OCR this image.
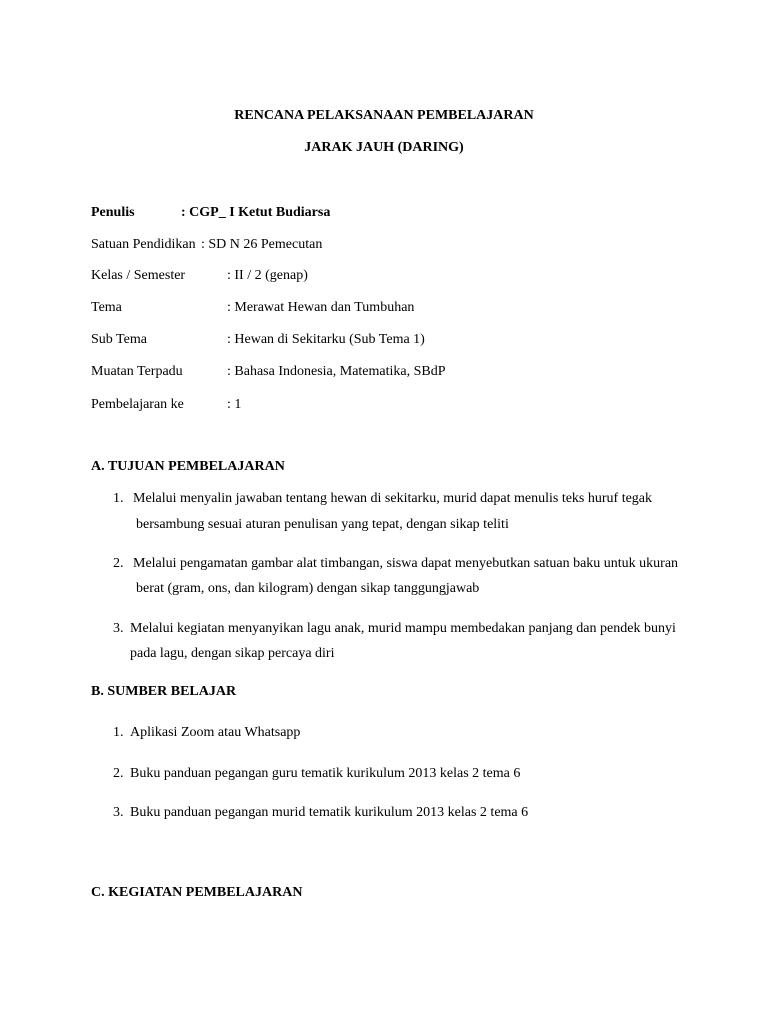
RENCANA PELAKSANAAN PEMBELAJARAN
JARAK JAUH (DARING)
Penulis	: CGP_ I Ketut Budiarsa
Satuan Pendidikan : SD N 26 Pemecutan
Kelas / Semester	: II / 2 (genap)
Tema	: Merawat Hewan dan Tumbuhan
Sub Tema	: Hewan di Sekitarku (Sub Tema 1)
Muatan Terpadu	: Bahasa Indonesia, Matematika, SBdP
Pembelajaran ke	: 1
A. TUJUAN PEMBELAJARAN
1. Melalui menyalin jawaban tentang hewan di sekitarku, murid dapat menulis teks huruf tegak
bersambung sesuai aturan penulisan yang tepat, dengan sikap teliti
2. Melalui pengamatan gambar alat timbangan, siswa dapat menyebutkan satuan baku untuk ukuran
berat (gram, ons, dan kilogram) dengan sikap tanggungjawab
3. Melalui kegiatan menyanyikan lagu anak, murid mampu membedakan panjang dan pendek bunyi
pada lagu, dengan sikap percaya diri
B. SUMBER BELAJAR
1. Aplikasi Zoom atau Whatsapp
2. Buku panduan pegangan guru tematik kurikulum 2013 kelas 2 tema 6
3. Buku panduan pegangan murid tematik kurikulum 2013 kelas 2 tema 6
C. KEGIATAN PEMBELAJARAN
